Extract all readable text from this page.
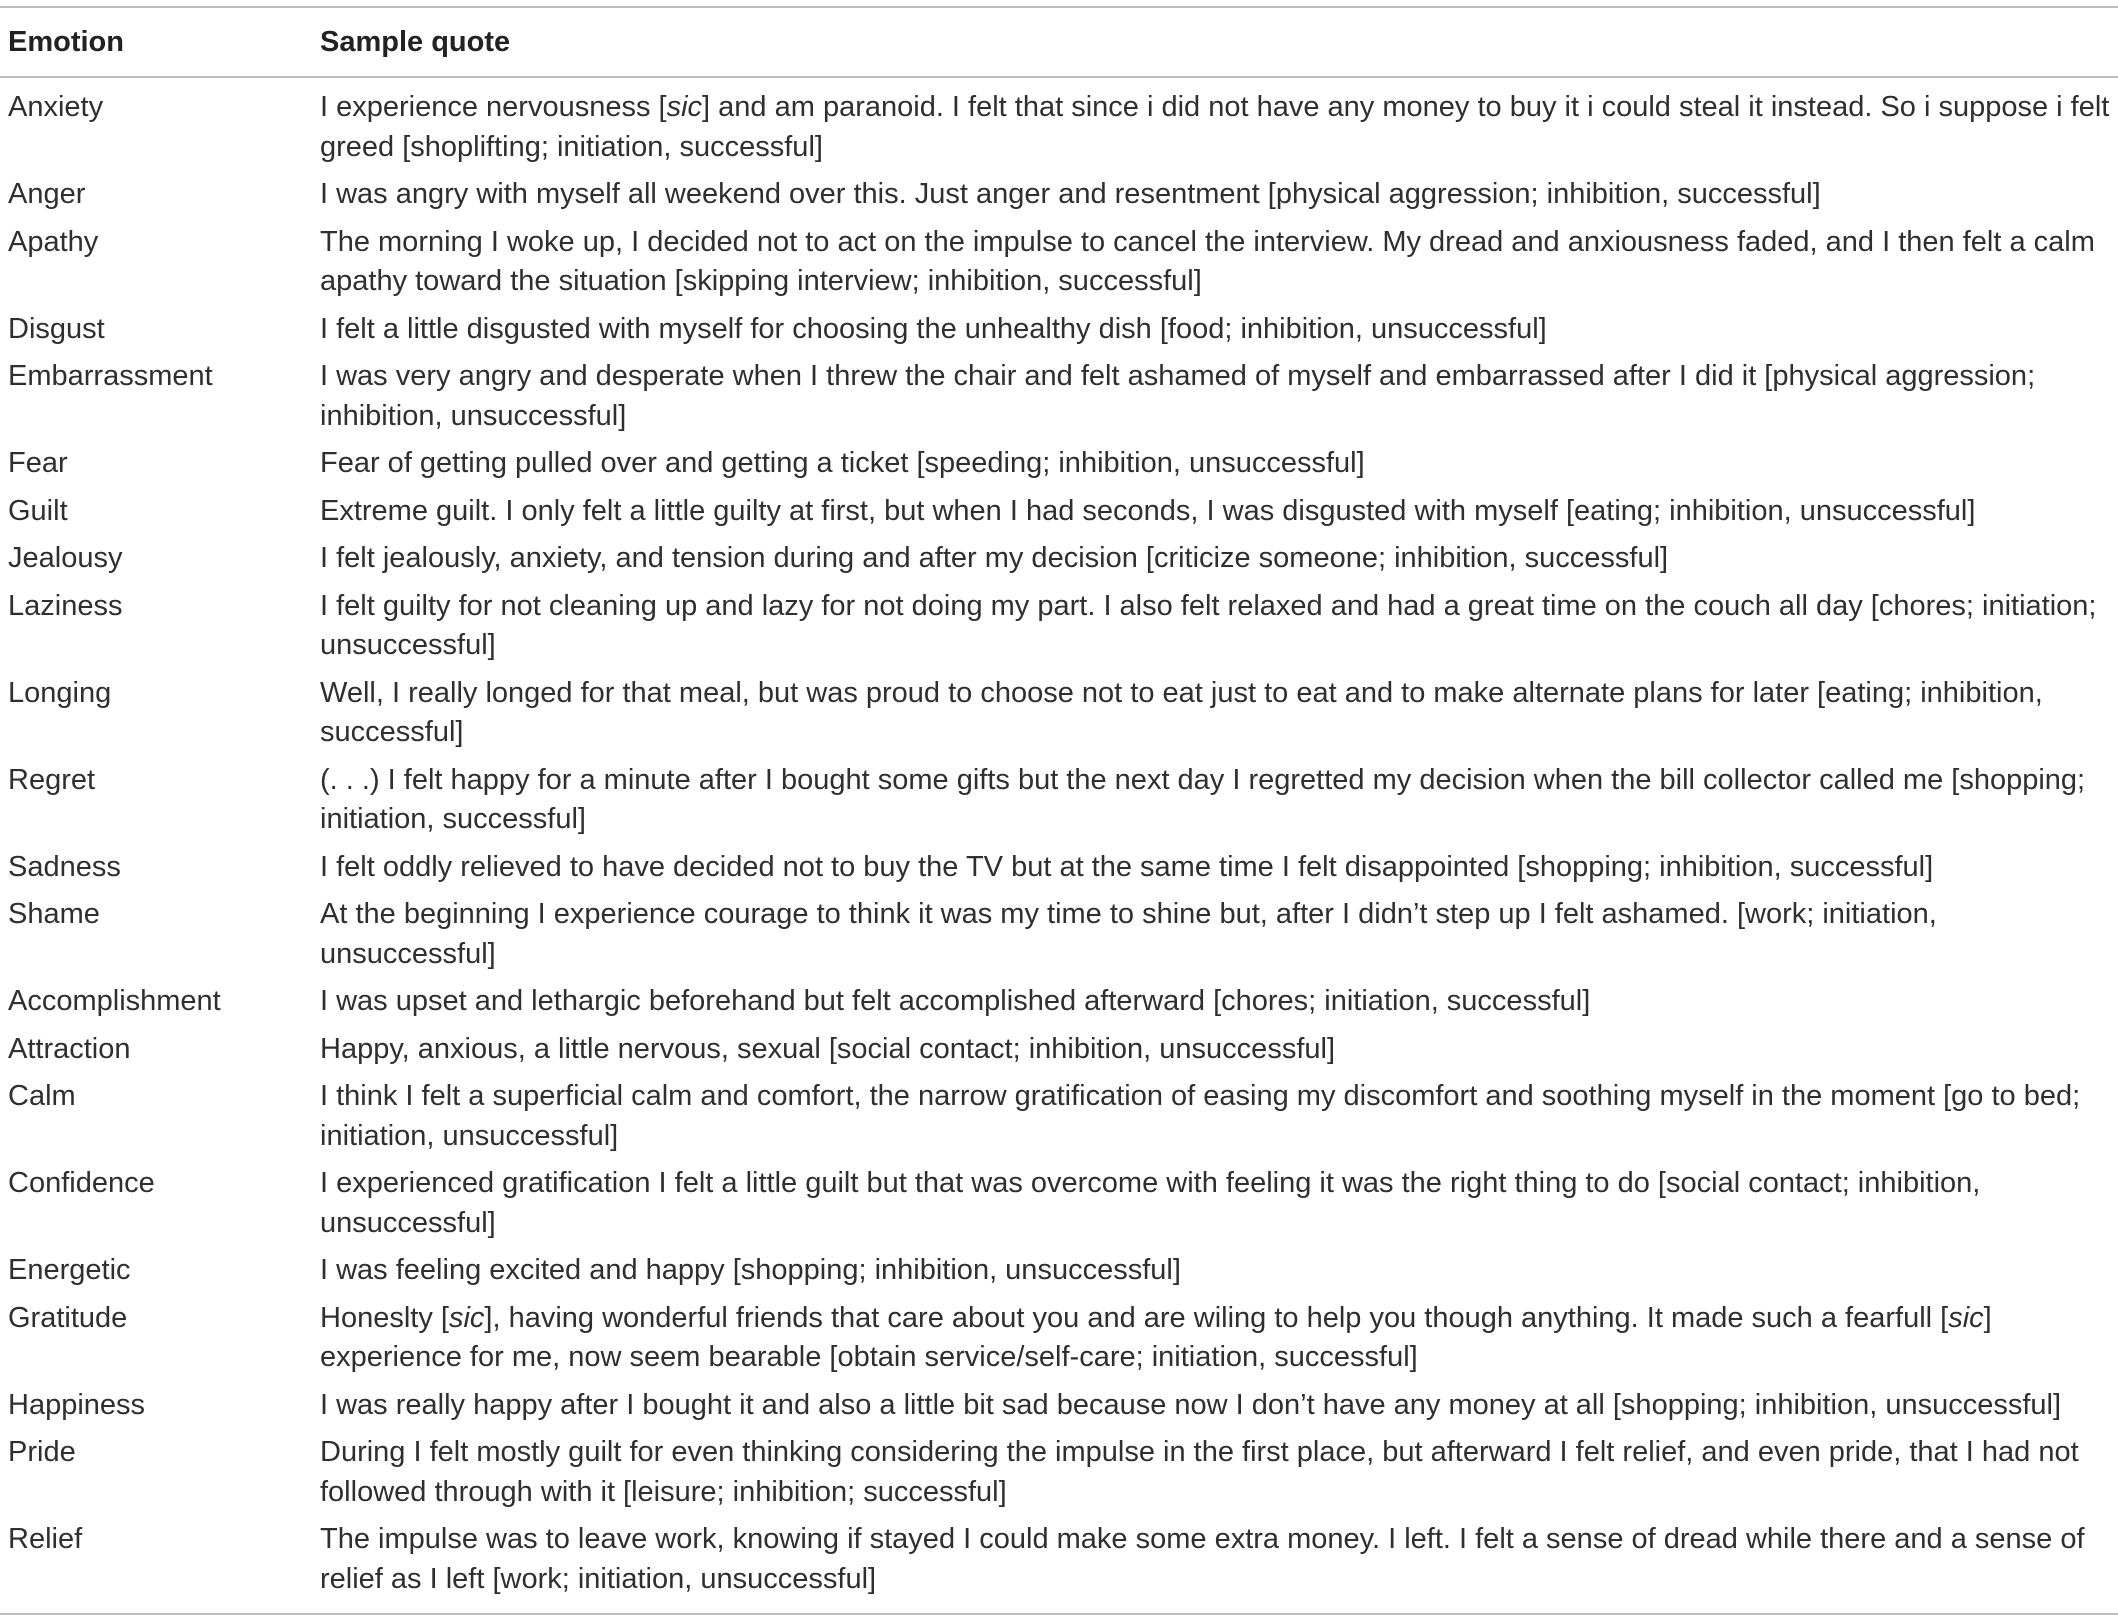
Emotion	Sample quote
Anxiety	I experience nervousness [sic] and am paranoid. I felt that since i did not have any money to buy it i could steal it instead. So i suppose i felt greed [shoplifting; initiation, successful]
Anger	I was angry with myself all weekend over this. Just anger and resentment [physical aggression; inhibition, successful]
Apathy	The morning I woke up, I decided not to act on the impulse to cancel the interview. My dread and anxiousness faded, and I then felt a calm apathy toward the situation [skipping interview; inhibition, successful]
Disgust	I felt a little disgusted with myself for choosing the unhealthy dish [food; inhibition, unsuccessful]
Embarrassment	I was very angry and desperate when I threw the chair and felt ashamed of myself and embarrassed after I did it [physical aggression; inhibition, unsuccessful]
Fear	Fear of getting pulled over and getting a ticket [speeding; inhibition, unsuccessful]
Guilt	Extreme guilt. I only felt a little guilty at first, but when I had seconds, I was disgusted with myself [eating; inhibition, unsuccessful]
Jealousy	I felt jealously, anxiety, and tension during and after my decision [criticize someone; inhibition, successful]
Laziness	I felt guilty for not cleaning up and lazy for not doing my part. I also felt relaxed and had a great time on the couch all day [chores; initiation; unsuccessful]
Longing	Well, I really longed for that meal, but was proud to choose not to eat just to eat and to make alternate plans for later [eating; inhibition, successful]
Regret	(. . .) I felt happy for a minute after I bought some gifts but the next day I regretted my decision when the bill collector called me [shopping; initiation, successful]
Sadness	I felt oddly relieved to have decided not to buy the TV but at the same time I felt disappointed [shopping; inhibition, successful]
Shame	At the beginning I experience courage to think it was my time to shine but, after I didn’t step up I felt ashamed. [work; initiation, unsuccessful]
Accomplishment	I was upset and lethargic beforehand but felt accomplished afterward [chores; initiation, successful]
Attraction	Happy, anxious, a little nervous, sexual [social contact; inhibition, unsuccessful]
Calm	I think I felt a superficial calm and comfort, the narrow gratification of easing my discomfort and soothing myself in the moment [go to bed; initiation, unsuccessful]
Confidence	I experienced gratification I felt a little guilt but that was overcome with feeling it was the right thing to do [social contact; inhibition, unsuccessful]
Energetic	I was feeling excited and happy [shopping; inhibition, unsuccessful]
Gratitude	Honeslty [sic], having wonderful friends that care about you and are wiling to help you though anything. It made such a fearfull [sic] experience for me, now seem bearable [obtain service/self-care; initiation, successful]
Happiness	I was really happy after I bought it and also a little bit sad because now I don’t have any money at all [shopping; inhibition, unsuccessful]
Pride	During I felt mostly guilt for even thinking considering the impulse in the first place, but afterward I felt relief, and even pride, that I had not followed through with it [leisure; inhibition; successful]
Relief	The impulse was to leave work, knowing if stayed I could make some extra money. I left. I felt a sense of dread while there and a sense of relief as I left [work; initiation, unsuccessful]
